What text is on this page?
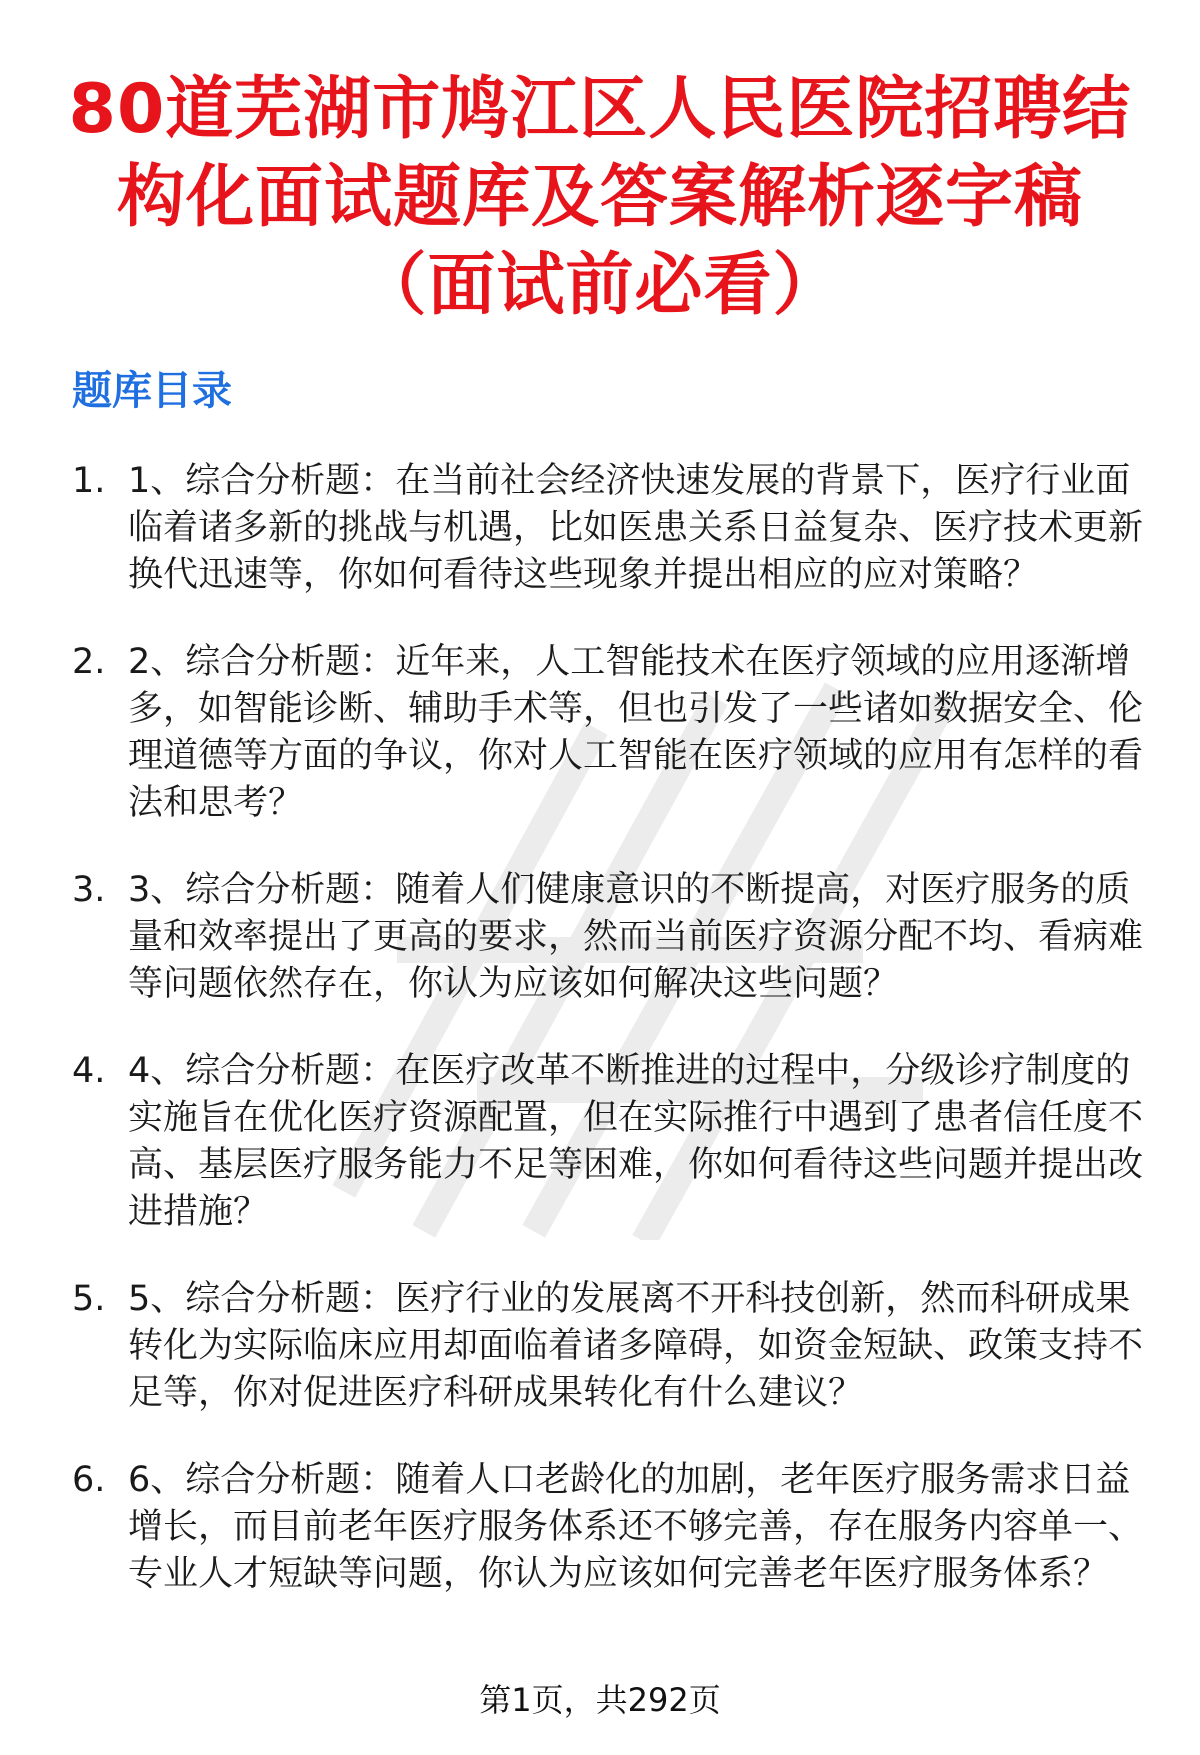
80道芜湖市鸠江区人民医院招聘结
构化面试题库及答案解析逐字稿
（面试前必看）
题库目录
1. 1、综合分析题：在当前社会经济快速发展的背景下，医疗行业面临着诸多新的挑战与机遇，比如医患关系日益复杂、医疗技术更新换代迅速等，你如何看待这些现象并提出相应的应对策略？
2. 2、综合分析题：近年来，人工智能技术在医疗领域的应用逐渐增多，如智能诊断、辅助手术等，但也引发了一些诸如数据安全、伦理道德等方面的争议，你对人工智能在医疗领域的应用有怎样的看法和思考？
3. 3、综合分析题：随着人们健康意识的不断提高，对医疗服务的质量和效率提出了更高的要求，然而当前医疗资源分配不均、看病难等问题依然存在，你认为应该如何解决这些问题？
4. 4、综合分析题：在医疗改革不断推进的过程中，分级诊疗制度的实施旨在优化医疗资源配置，但在实际推行中遇到了患者信任度不高、基层医疗服务能力不足等困难，你如何看待这些问题并提出改进措施？
5. 5、综合分析题：医疗行业的发展离不开科技创新，然而科研成果转化为实际临床应用却面临着诸多障碍，如资金短缺、政策支持不足等，你对促进医疗科研成果转化有什么建议？
6. 6、综合分析题：随着人口老龄化的加剧，老年医疗服务需求日益增长，而目前老年医疗服务体系还不够完善，存在服务内容单一、专业人才短缺等问题，你认为应该如何完善老年医疗服务体系？

第1页，共292页
